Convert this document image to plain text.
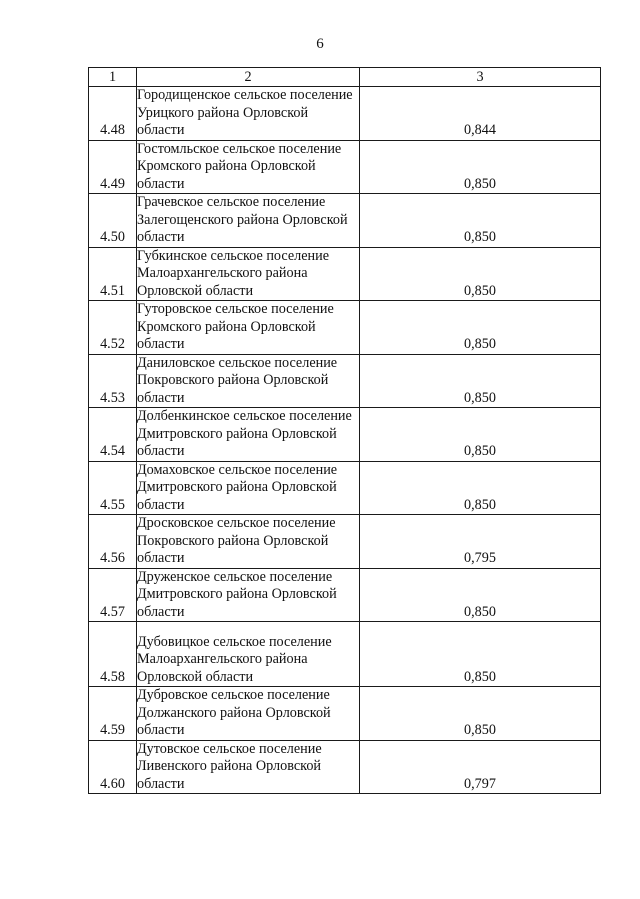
6
1	2	3
4.48	Городищенское сельское поселение Урицкого района Орловской области	0,844
4.49	Гостомльское сельское поселение Кромского района Орловской области	0,850
4.50	Грачевское сельское поселение Залегощенского района Орловской области	0,850
4.51	Губкинское сельское поселение Малоархангельского района Орловской области	0,850
4.52	Гуторовское сельское поселение Кромского района Орловской области	0,850
4.53	Даниловское сельское поселение Покровского района Орловской области	0,850
4.54	Долбенкинское сельское поселение Дмитровского района Орловской области	0,850
4.55	Домаховское сельское поселение Дмитровского района Орловской области	0,850
4.56	Дросковское сельское поселение Покровского района Орловской области	0,795
4.57	Друженское сельское поселение Дмитровского района Орловской области	0,850
4.58	Дубовицкое сельское поселение Малоархангельского района Орловской области	0,850
4.59	Дубровское сельское поселение Должанского района Орловской области	0,850
4.60	Дутовское сельское поселение Ливенского района Орловской области	0,797
